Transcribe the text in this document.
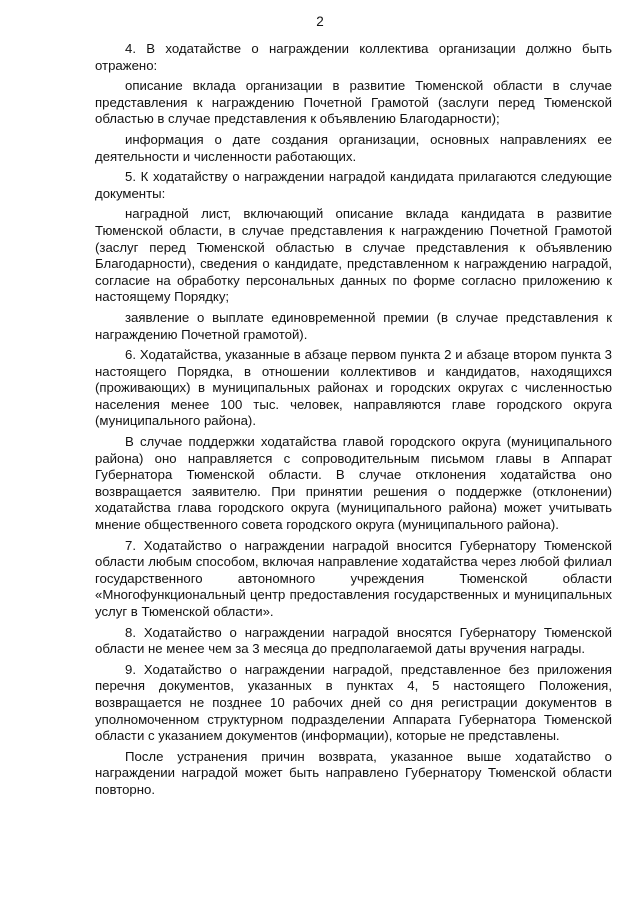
2

4. В ходатайстве о награждении коллектива организации должно быть отражено:

описание вклада организации в развитие Тюменской области в случае представления к награждению Почетной Грамотой (заслуги перед Тюменской областью в случае представления к объявлению Благодарности);

информация о дате создания организации, основных направлениях ее деятельности и численности работающих.

5. К ходатайству о награждении наградой кандидата прилагаются следующие документы:

наградной лист, включающий описание вклада кандидата в развитие Тюменской области, в случае представления к награждению Почетной Грамотой (заслуг перед Тюменской областью в случае представления к объявлению Благодарности), сведения о кандидате, представленном к награждению наградой, согласие на обработку персональных данных по форме согласно приложению к настоящему Порядку;

заявление о выплате единовременной премии (в случае представления к награждению Почетной грамотой).

6. Ходатайства, указанные в абзаце первом пункта 2 и абзаце втором пункта 3 настоящего Порядка, в отношении коллективов и кандидатов, находящихся (проживающих) в муниципальных районах и городских округах с численностью населения менее 100 тыс. человек, направляются главе городского округа (муниципального района).

В случае поддержки ходатайства главой городского округа (муниципального района) оно направляется с сопроводительным письмом главы в Аппарат Губернатора Тюменской области. В случае отклонения ходатайства оно возвращается заявителю. При принятии решения о поддержке (отклонении) ходатайства глава городского округа (муниципального района) может учитывать мнение общественного совета городского округа (муниципального района).

7. Ходатайство о награждении наградой вносится Губернатору Тюменской области любым способом, включая направление ходатайства через любой филиал государственного автономного учреждения Тюменской области «Многофункциональный центр предоставления государственных и муниципальных услуг в Тюменской области».

8. Ходатайство о награждении наградой вносятся Губернатору Тюменской области не менее чем за 3 месяца до предполагаемой даты вручения награды.

9. Ходатайство о награждении наградой, представленное без приложения перечня документов, указанных в пунктах 4, 5 настоящего Положения, возвращается не позднее 10 рабочих дней со дня регистрации документов в уполномоченном структурном подразделении Аппарата Губернатора Тюменской области с указанием документов (информации), которые не представлены.

После устранения причин возврата, указанное выше ходатайство о награждении наградой может быть направлено Губернатору Тюменской области повторно.
